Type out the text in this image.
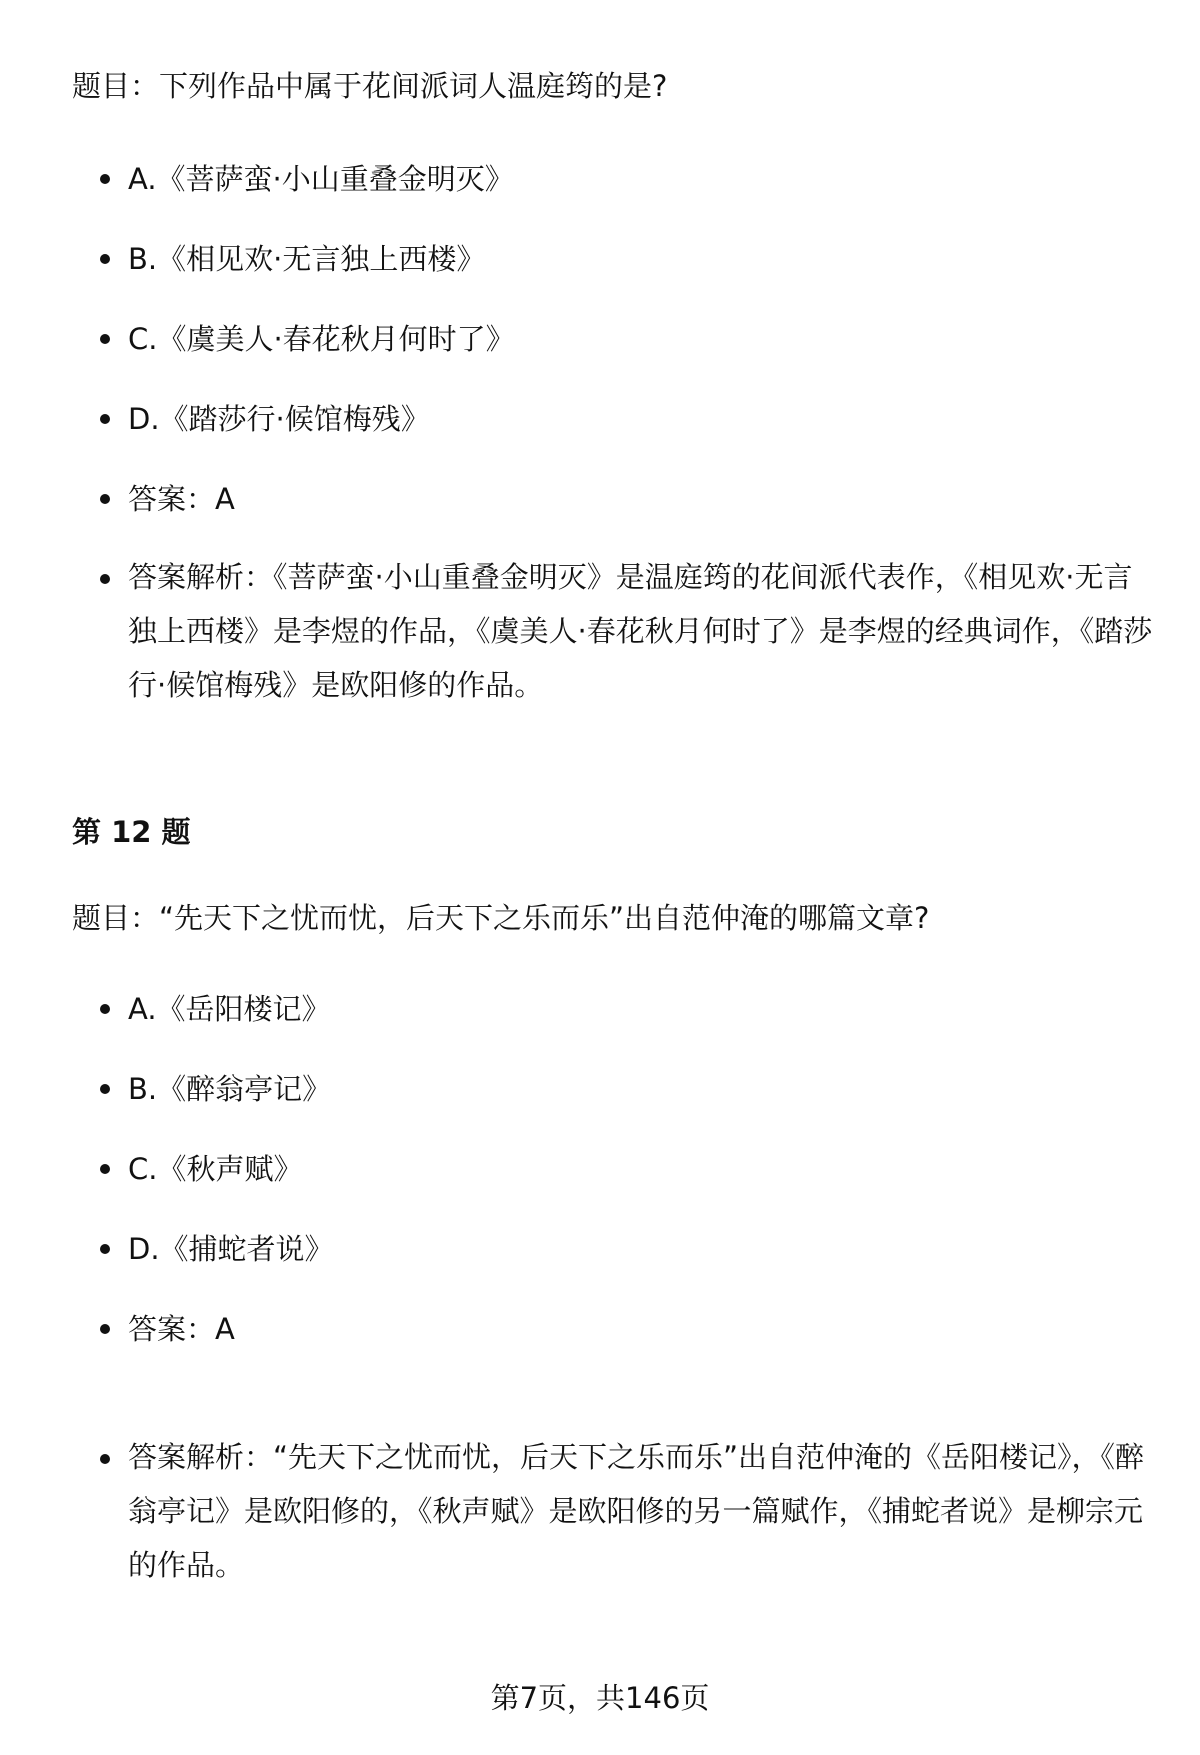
题目：下列作品中属于花间派词人温庭筠的是?
A.《菩萨蛮·小山重叠金明灭》
B.《相见欢·无言独上西楼》
C.《虞美人·春花秋月何时了》
D.《踏莎行·候馆梅残》
答案：A
答案解析：《菩萨蛮·小山重叠金明灭》是温庭筠的花间派代表作，《相见欢·无言独上西楼》是李煜的作品，《虞美人·春花秋月何时了》是李煜的经典词作，《踏莎行·候馆梅残》是欧阳修的作品。
第 12 题
题目：“先天下之忧而忧，后天下之乐而乐”出自范仲淹的哪篇文章?
A.《岳阳楼记》
B.《醉翁亭记》
C.《秋声赋》
D.《捕蛇者说》
答案：A
答案解析：“先天下之忧而忧，后天下之乐而乐”出自范仲淹的《岳阳楼记》，《醉翁亭记》是欧阳修的，《秋声赋》是欧阳修的另一篇赋作，《捕蛇者说》是柳宗元的作品。
第7页，共146页
